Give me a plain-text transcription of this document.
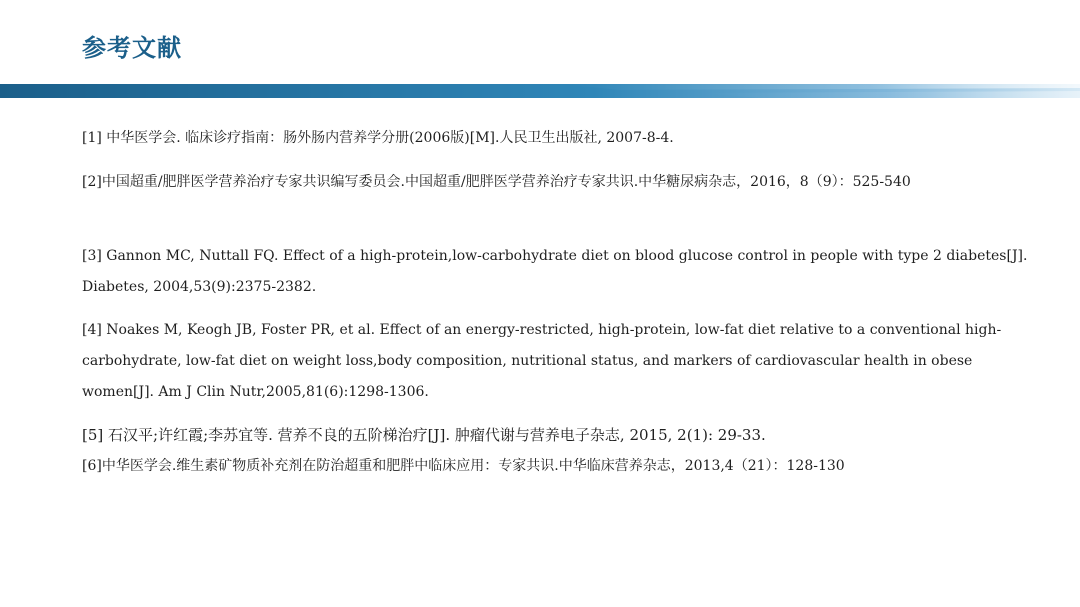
参考文献
[1] 中华医学会. 临床诊疗指南：肠外肠内营养学分册(2006版)[M].人民卫生出版社, 2007-8-4.
[2]中国超重/肥胖医学营养治疗专家共识编写委员会.中国超重/肥胖医学营养治疗专家共识.中华糖尿病杂志，2016，8（9）：525-540
[3] Gannon MC, Nuttall FQ. Effect of a high-protein,low-carbohydrate diet on blood glucose control in people with type 2 diabetes[J]. Diabetes, 2004,53(9):2375-2382.
[4] Noakes M, Keogh JB, Foster PR, et al. Effect of an energy-restricted, high-protein, low-fat diet relative to a conventional high-carbohydrate, low-fat diet on weight loss,body composition, nutritional status, and markers of cardiovascular health in obese women[J]. Am J Clin Nutr,2005,81(6):1298-1306.
[5] 石汉平;许红霞;李苏宜等. 营养不良的五阶梯治疗[J]. 肿瘤代谢与营养电子杂志, 2015, 2(1): 29-33.
[6]中华医学会.维生素矿物质补充剂在防治超重和肥胖中临床应用：专家共识.中华临床营养杂志，2013,4（21）：128-130
